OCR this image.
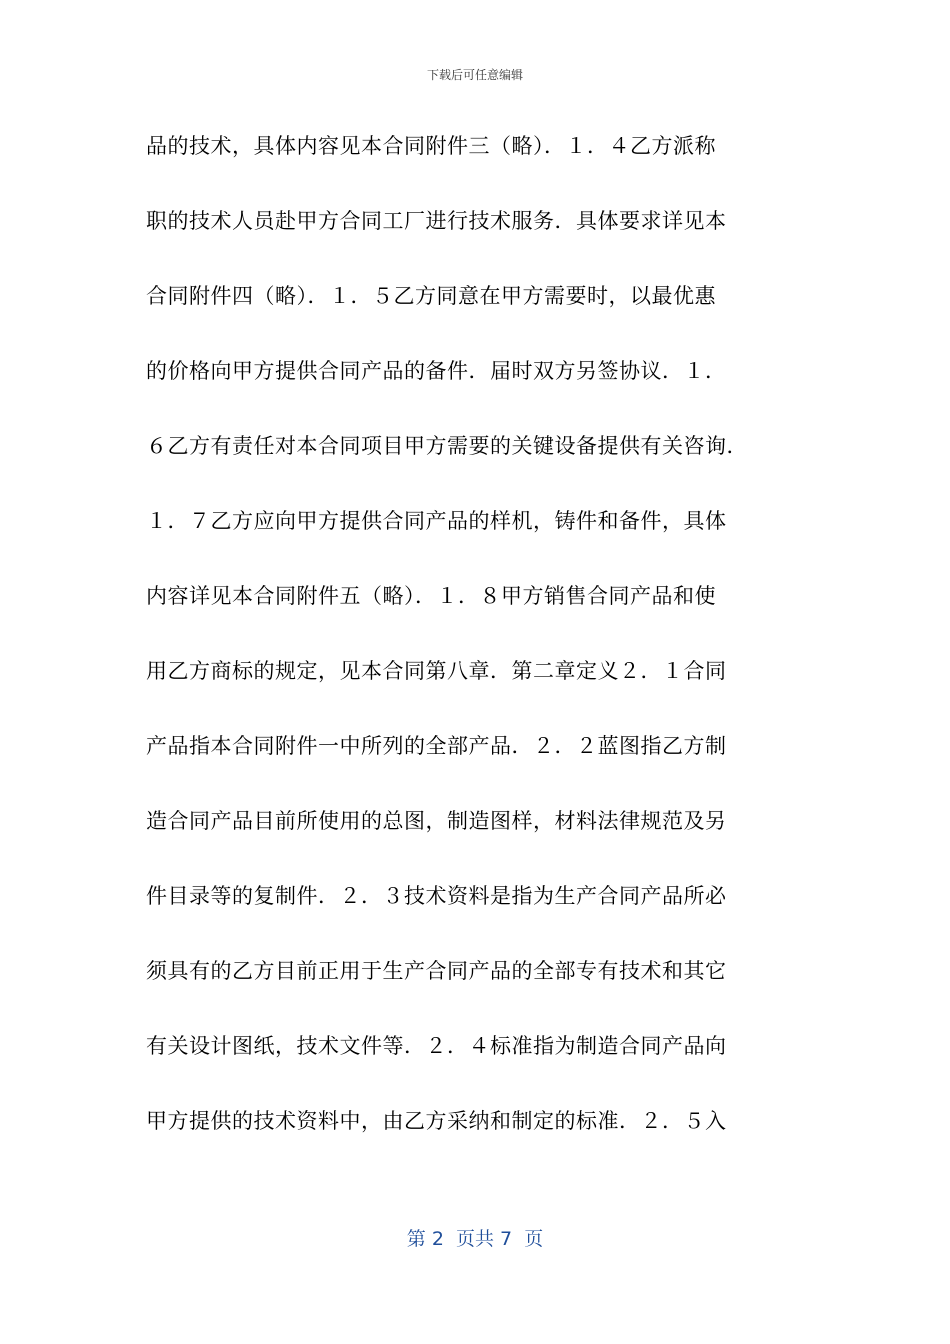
下载后可任意编辑
品的技术，具体内容见本合同附件三（略）．１．４乙方派称
职的技术人员赴甲方合同工厂进行技术服务．具体要求详见本
合同附件四（略）．１．５乙方同意在甲方需要时，以最优惠
的价格向甲方提供合同产品的备件．届时双方另签协议．１．
６乙方有责任对本合同项目甲方需要的关键设备提供有关咨询．
１．７乙方应向甲方提供合同产品的样机，铸件和备件，具体
内容详见本合同附件五（略）．１．８甲方销售合同产品和使
用乙方商标的规定，见本合同第八章．第二章定义２．１合同
产品指本合同附件一中所列的全部产品．２．２蓝图指乙方制
造合同产品目前所使用的总图，制造图样，材料法律规范及另
件目录等的复制件．２．３技术资料是指为生产合同产品所必
须具有的乙方目前正用于生产合同产品的全部专有技术和其它
有关设计图纸，技术文件等．２．４标准指为制造合同产品向
甲方提供的技术资料中，由乙方采纳和制定的标准．２．５入
第 2  页共 7  页
